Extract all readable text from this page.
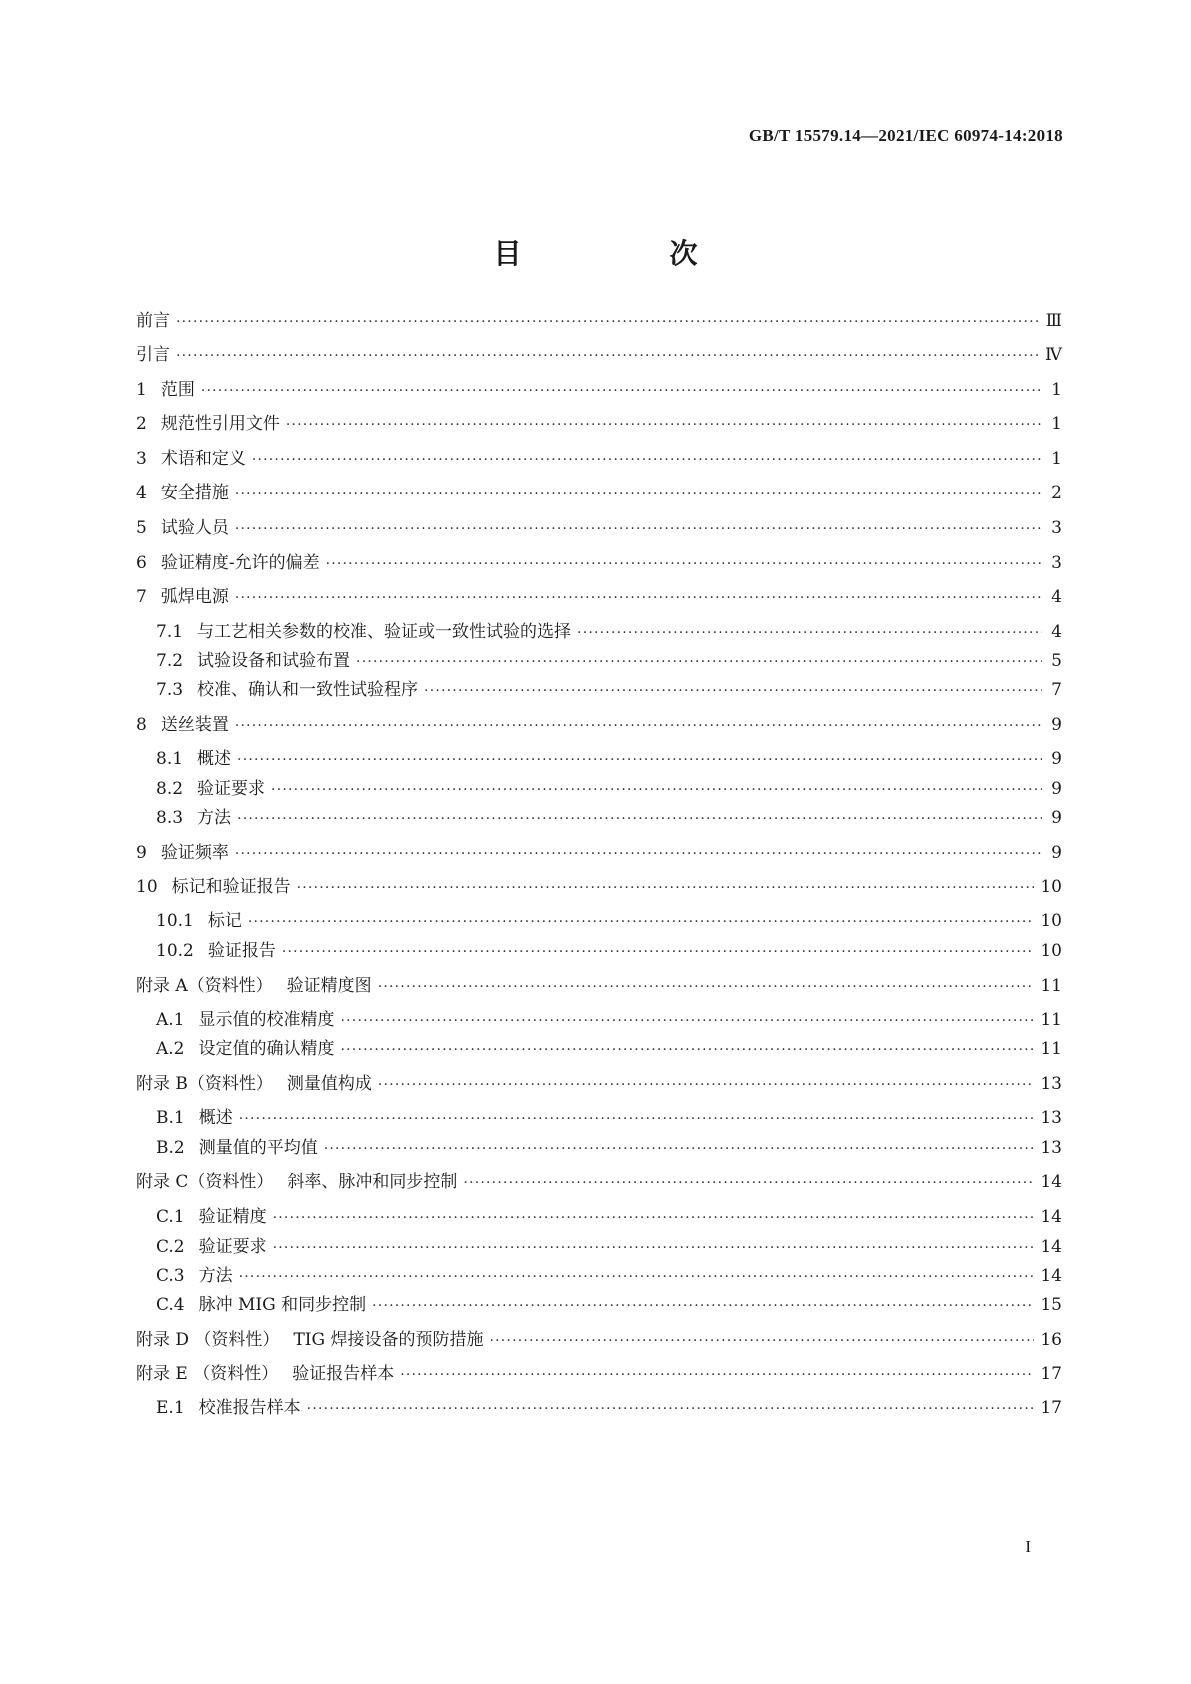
GB/T 15579.14—2021/IEC 60974-14:2018
目　次
前言 ·····	Ⅲ
引言 ·····	Ⅳ
1 范围 ·····	1
2 规范性引用文件 ·····	1
3 术语和定义 ·····	1
4 安全措施 ·····	2
5 试验人员 ·····	3
6 验证精度-允许的偏差 ·····	3
7 弧焊电源 ·····	4
7.1 与工艺相关参数的校准、验证或一致性试验的选择 ·····	4
7.2 试验设备和试验布置 ·····	5
7.3 校准、确认和一致性试验程序 ·····	7
8 送丝装置 ·····	9
8.1 概述 ·····	9
8.2 验证要求 ·····	9
8.3 方法 ·····	9
9 验证频率 ·····	9
10 标记和验证报告 ·····	10
10.1 标记 ·····	10
10.2 验证报告 ·····	10
附录 A（资料性） 验证精度图 ·····	11
A.1 显示值的校准精度 ·····	11
A.2 设定值的确认精度 ·····	11
附录 B（资料性） 测量值构成 ·····	13
B.1 概述 ·····	13
B.2 测量值的平均值 ·····	13
附录 C（资料性） 斜率、脉冲和同步控制 ·····	14
C.1 验证精度 ·····	14
C.2 验证要求 ·····	14
C.3 方法 ·····	14
C.4 脉冲 MIG 和同步控制 ·····	15
附录 D （资料性） TIG 焊接设备的预防措施 ·····	16
附录 E （资料性） 验证报告样本 ·····	17
E.1 校准报告样本 ·····	17
I
